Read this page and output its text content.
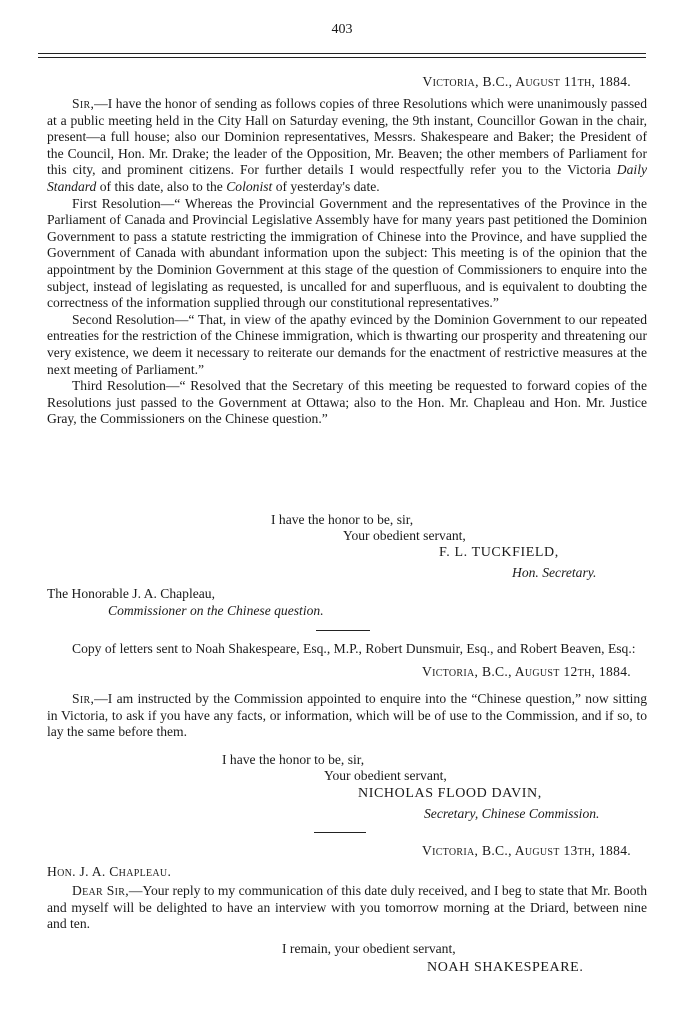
403
Victoria, B.C., August 11th, 1884.

Sir,—I have the honor of sending as follows copies of three Resolutions which were unanimously passed at a public meeting held in the City Hall on Saturday evening, the 9th instant, Councillor Gowan in the chair, present—a full house; also our Dominion representatives, Messrs. Shakespeare and Baker; the President of the Council, Hon. Mr. Drake; the leader of the Opposition, Mr. Beaven; the other members of Parliament for this city, and prominent citizens. For further details I would respectfully refer you to the Victoria Daily Standard of this date, also to the Colonist of yesterday's date.

First Resolution—“ Whereas the Provincial Government and the representatives of the Province in the Parliament of Canada and Provincial Legislative Assembly have for many years past petitioned the Dominion Government to pass a statute restricting the immigration of Chinese into the Province, and have supplied the Government of Canada with abundant information upon the subject: This meeting is of the opinion that the appointment by the Dominion Government at this stage of the question of Commissioners to enquire into the subject, instead of legislating as requested, is uncalled for and superfluous, and is equivalent to doubting the correctness of the information supplied through our constitutional representatives.”

Second Resolution—“ That, in view of the apathy evinced by the Dominion Government to our repeated entreaties for the restriction of the Chinese immigration, which is thwarting our prosperity and threatening our very existence, we deem it necessary to reiterate our demands for the enactment of restrictive measures at the next meeting of Parliament.”

Third Resolution—“ Resolved that the Secretary of this meeting be requested to forward copies of the Resolutions just passed to the Government at Ottawa; also to the Hon. Mr. Chapleau and Hon. Mr. Justice Gray, the Commissioners on the Chinese question.”

I have the honor to be, sir,
Your obedient servant,
F. L. TUCKFIELD,
Hon. Secretary.
The Honorable J. A. Chapleau,
Commissioner on the Chinese question.

Copy of letters sent to Noah Shakespeare, Esq., M.P., Robert Dunsmuir, Esq., and Robert Beaven, Esq.:

Victoria, B.C., August 12th, 1884.

Sir,—I am instructed by the Commission appointed to enquire into the “Chinese question,” now sitting in Victoria, to ask if you have any facts, or information, which will be of use to the Commission, and if so, to lay the same before them.

I have the honor to be, sir,
Your obedient servant,
NICHOLAS FLOOD DAVIN,
Secretary, Chinese Commission.
Victoria, B.C., August 13th, 1884.
Hon. J. A. Chapleau.

Dear Sir,—Your reply to my communication of this date duly received, and I beg to state that Mr. Booth and myself will be delighted to have an interview with you tomorrow morning at the Driard, between nine and ten.

I remain, your obedient servant,
NOAH SHAKESPEARE.
